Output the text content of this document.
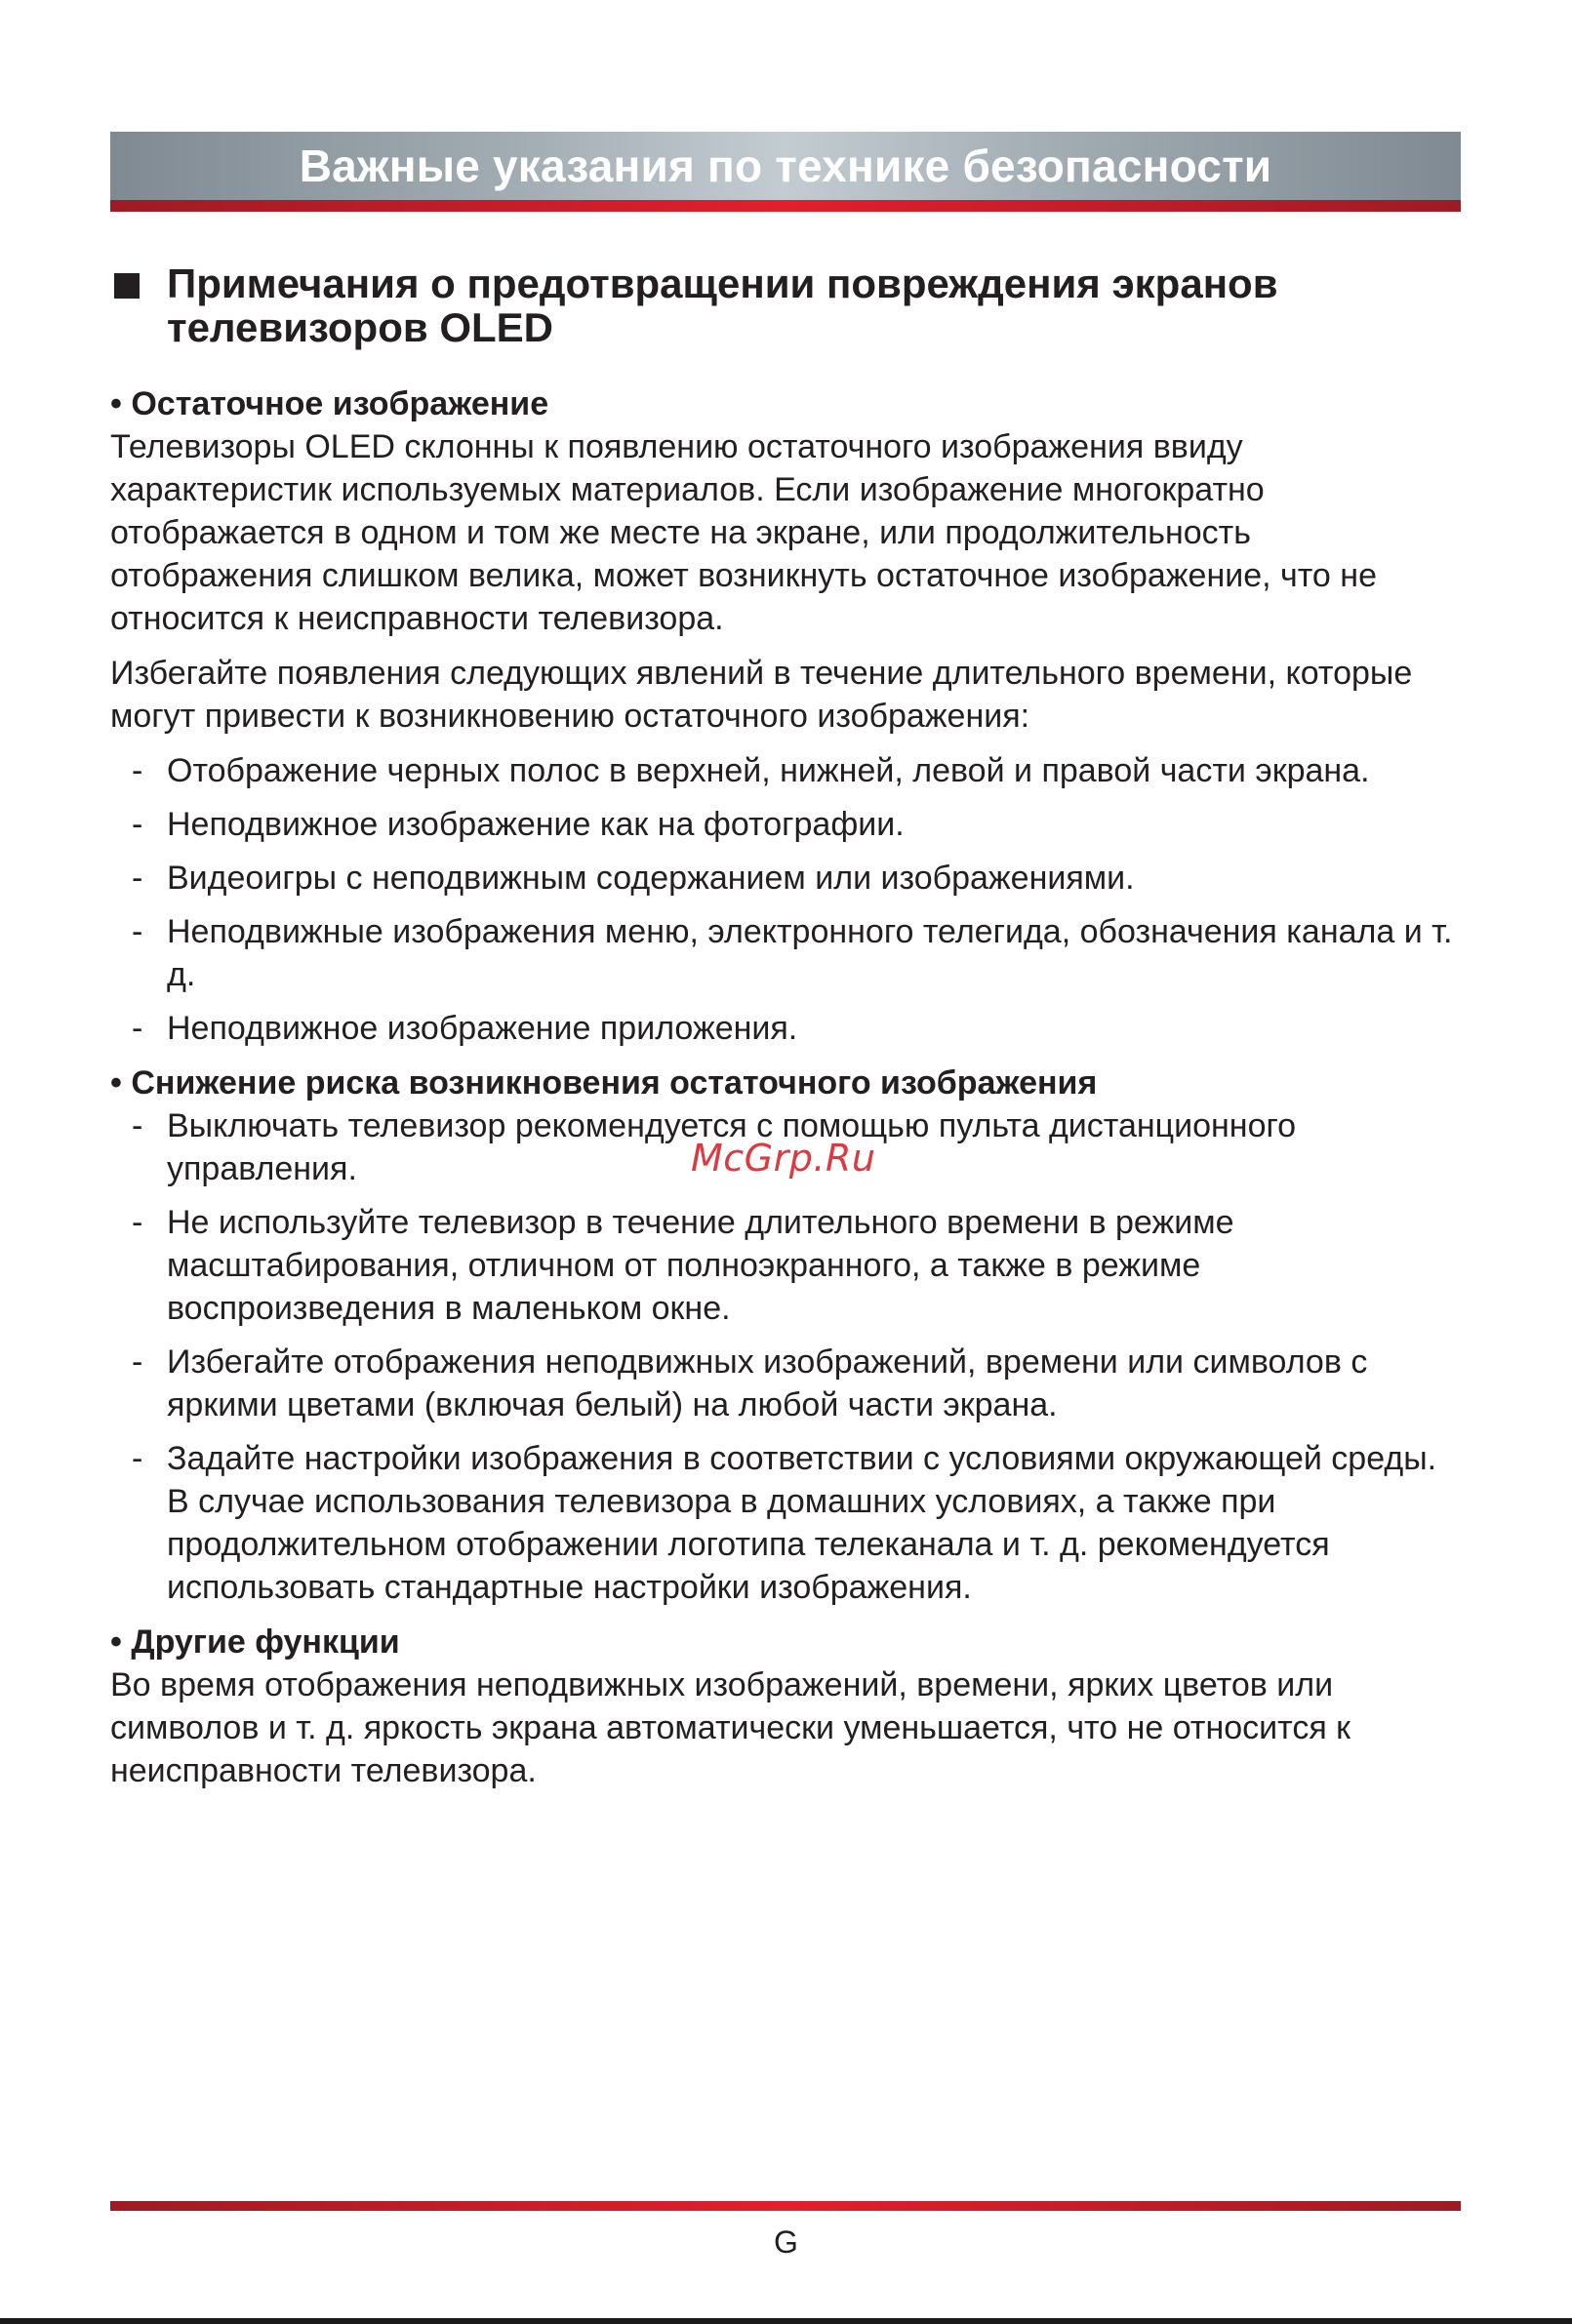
Важные указания по технике безопасности
Примечания о предотвращении повреждения экранов телевизоров OLED

• Остаточное изображение

Телевизоры OLED склонны к появлению остаточного изображения ввиду характеристик используемых материалов. Если изображение многократно отображается в одном и том же месте на экране, или продолжительность отображения слишком велика, может возникнуть остаточное изображение, что не относится к неисправности телевизора.

Избегайте появления следующих явлений в течение длительного времени, которые могут привести к возникновению остаточного изображения:

- Отображение черных полос в верхней, нижней, левой и правой части экрана.
- Неподвижное изображение как на фотографии.
- Видеоигры с неподвижным содержанием или изображениями.
- Неподвижные изображения меню, электронного телегида, обозначения канала и т. д.
- Неподвижное изображение приложения.

• Снижение риска возникновения остаточного изображения

- Выключать телевизор рекомендуется с помощью пульта дистанционного управления.
- Не используйте телевизор в течение длительного времени в режиме масштабирования, отличном от полноэкранного, а также в режиме воспроизведения в маленьком окне.
- Избегайте отображения неподвижных изображений, времени или символов с яркими цветами (включая белый) на любой части экрана.
- Задайте настройки изображения в соответствии с условиями окружающей среды. В случае использования телевизора в домашних условиях, а также при продолжительном отображении логотипа телеканала и т. д. рекомендуется использовать стандартные настройки изображения.

• Другие функции

Во время отображения неподвижных изображений, времени, ярких цветов или символов и т. д. яркость экрана автоматически уменьшается, что не относится к неисправности телевизора.

McGrp.Ru
G
